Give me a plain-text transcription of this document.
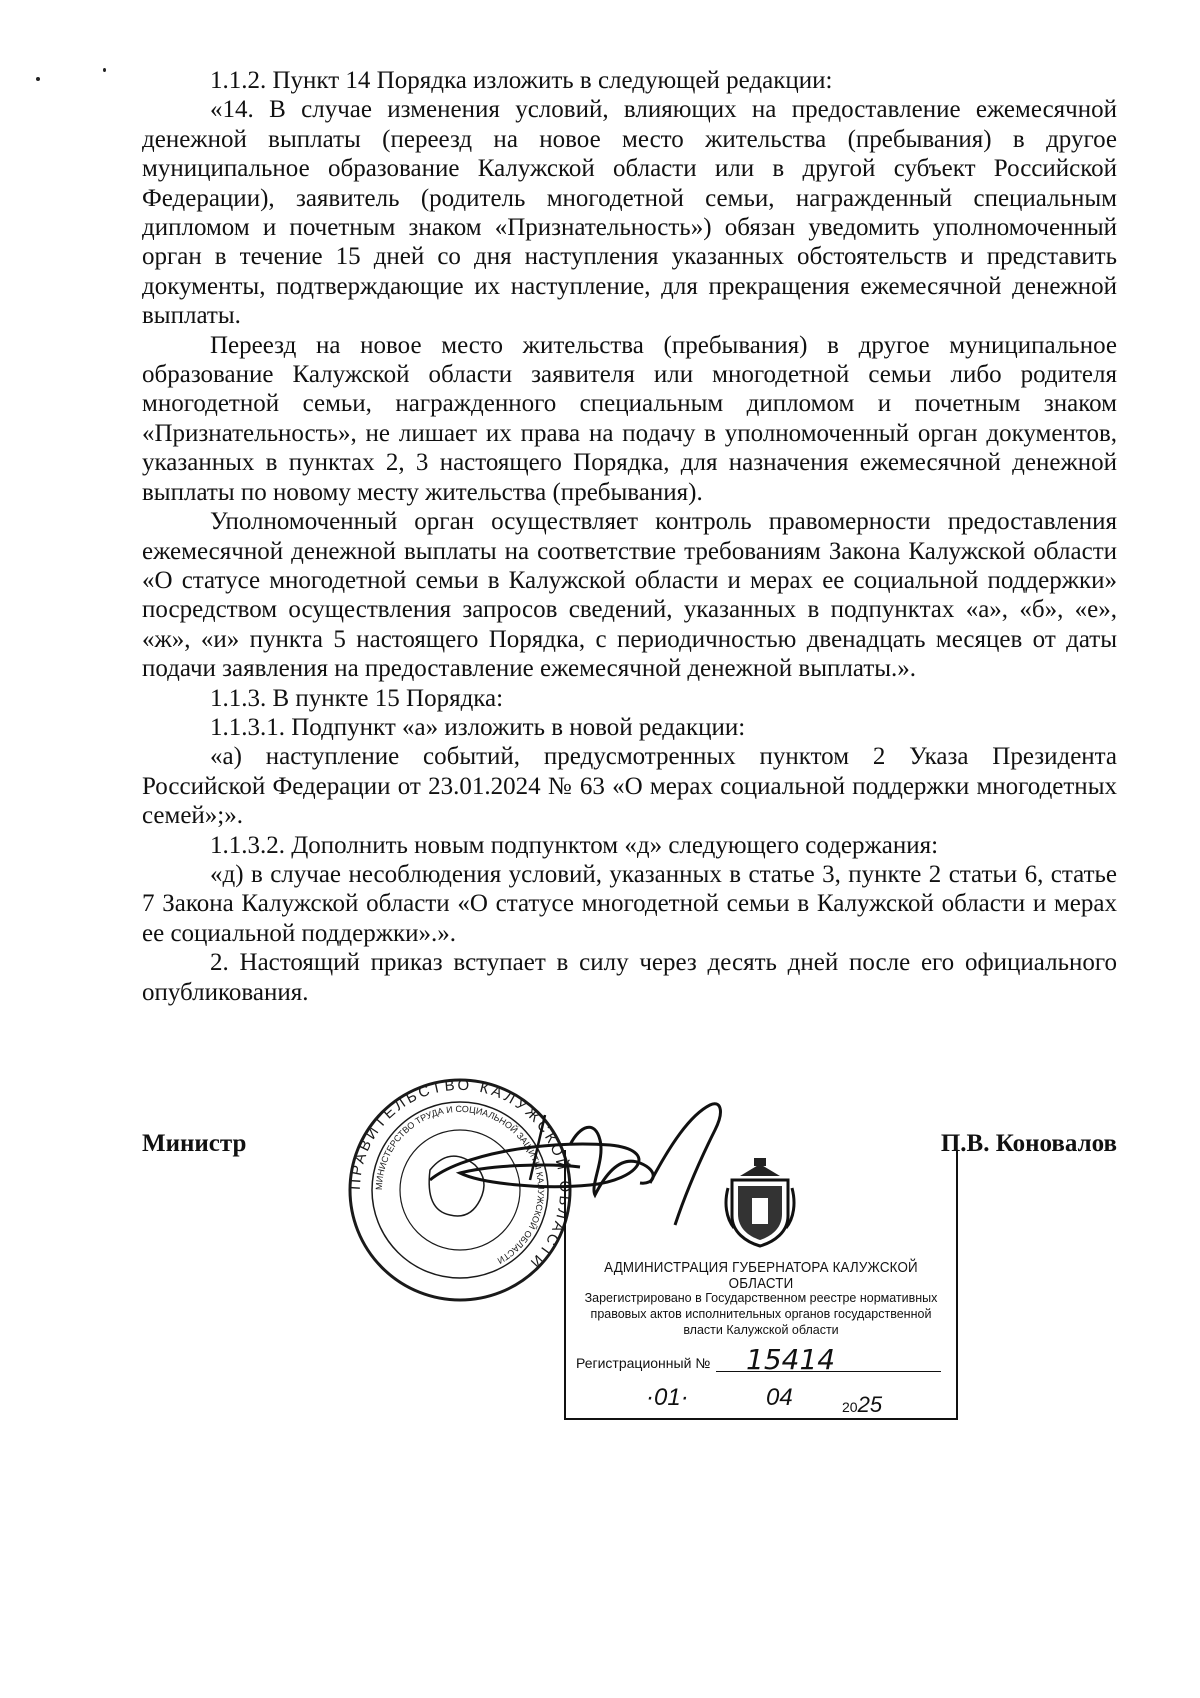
1.1.2. Пункт 14 Порядка изложить в следующей редакции:

«14. В случае изменения условий, влияющих на предоставление ежемесячной денежной выплаты (переезд на новое место жительства (пребывания) в другое муниципальное образование Калужской области или в другой субъект Российской Федерации), заявитель (родитель многодетной семьи, награжденный специальным дипломом и почетным знаком «Признательность») обязан уведомить уполномоченный орган в течение 15 дней со дня наступления указанных обстоятельств и представить документы, подтверждающие их наступление, для прекращения ежемесячной денежной выплаты.

Переезд на новое место жительства (пребывания) в другое муниципальное образование Калужской области заявителя или многодетной семьи либо родителя многодетной семьи, награжденного специальным дипломом и почетным знаком «Признательность», не лишает их права на подачу в уполномоченный орган документов, указанных в пунктах 2, 3 настоящего Порядка, для назначения ежемесячной денежной выплаты по новому месту жительства (пребывания).

Уполномоченный орган осуществляет контроль правомерности предоставления ежемесячной денежной выплаты на соответствие требованиям Закона Калужской области «О статусе многодетной семьи в Калужской области и мерах ее социальной поддержки» посредством осуществления запросов сведений, указанных в подпунктах «а», «б», «е», «ж», «и» пункта 5 настоящего Порядка, с периодичностью двенадцать месяцев от даты подачи заявления на предоставление ежемесячной денежной выплаты.».

1.1.3. В пункте 15 Порядка:

1.1.3.1. Подпункт «а» изложить в новой редакции:

«а) наступление событий, предусмотренных пунктом 2 Указа Президента Российской Федерации от 23.01.2024 № 63 «О мерах социальной поддержки многодетных семей»;».

1.1.3.2. Дополнить новым подпунктом «д» следующего содержания:

«д) в случае несоблюдения условий, указанных в статье 3, пункте 2 статьи 6, статье 7 Закона Калужской области «О статусе многодетной семьи в Калужской области и мерах ее социальной поддержки».».

2. Настоящий приказ вступает в силу через десять дней после его официального опубликования.

Министр	П.В. Коновалов
ПРАВИТЕЛЬСТВО КАЛУЖСКОЙ ОБЛАСТИ
МИНИСТЕРСТВО ТРУДА И СОЦИАЛЬНОЙ ЗАЩИТЫ КАЛУЖСКОЙ ОБЛАСТИ
АДМИНИСТРАЦИЯ ГУБЕРНАТОРА КАЛУЖСКОЙ ОБЛАСТИ
Зарегистрировано в Государственном реестре нормативных правовых актов исполнительных органов государственной власти Калужской области
Регистрационный № 15414
·01·	04	2025
